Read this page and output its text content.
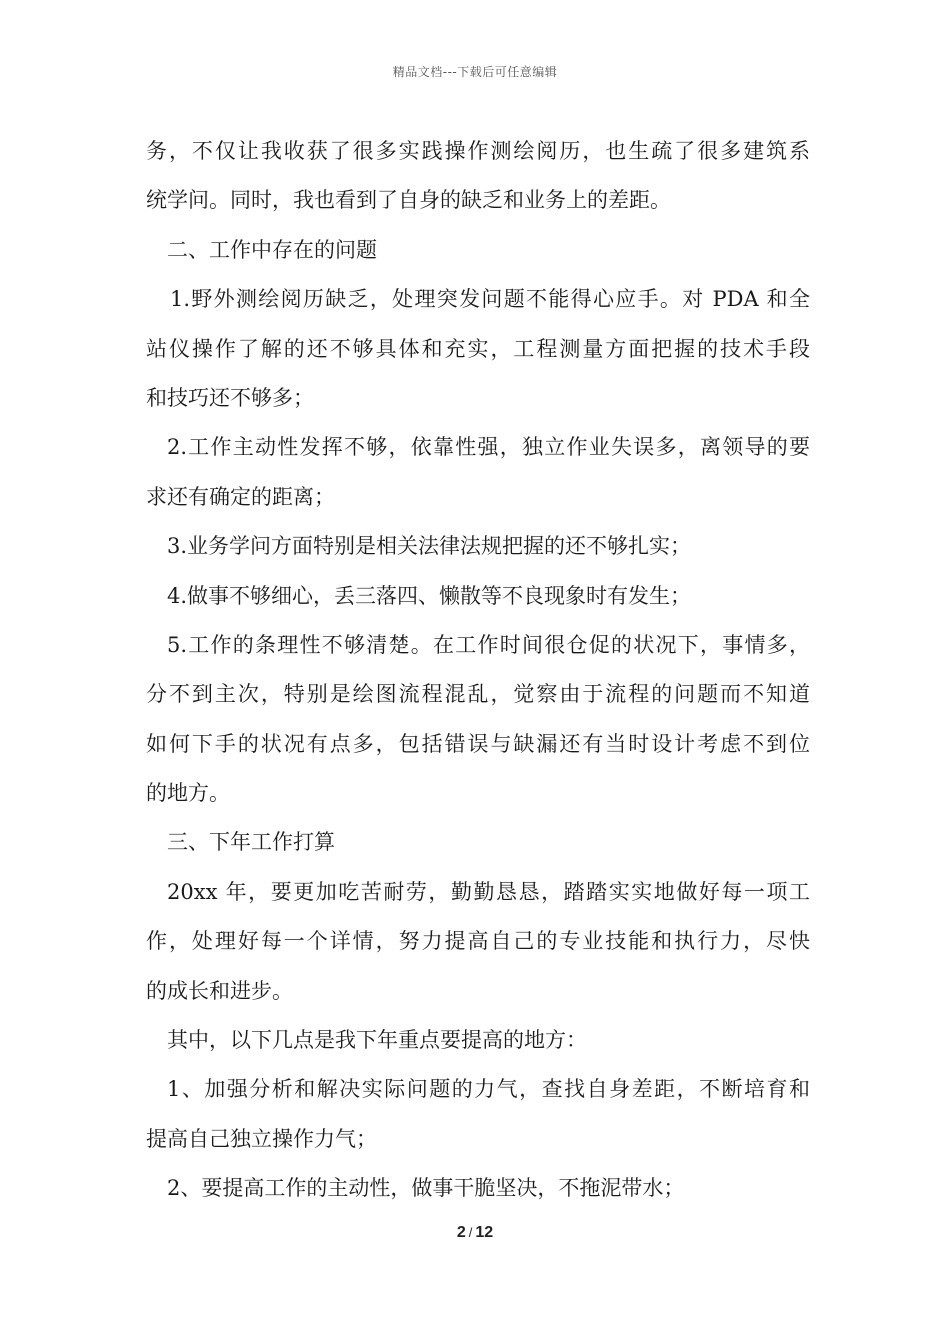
精品文档---下载后可任意编辑
务，不仅让我收获了很多实践操作测绘阅历，也生疏了很多建筑系
统学问。同时，我也看到了自身的缺乏和业务上的差距。
二、工作中存在的问题
1.野外测绘阅历缺乏，处理突发问题不能得心应手。对 PDA 和全
站仪操作了解的还不够具体和充实，工程测量方面把握的技术手段
和技巧还不够多；
2.工作主动性发挥不够，依靠性强，独立作业失误多，离领导的要
求还有确定的距离；
3.业务学问方面特别是相关法律法规把握的还不够扎实；
4.做事不够细心，丢三落四、懒散等不良现象时有发生；
5.工作的条理性不够清楚。在工作时间很仓促的状况下，事情多，
分不到主次，特别是绘图流程混乱，觉察由于流程的问题而不知道
如何下手的状况有点多，包括错误与缺漏还有当时设计考虑不到位
的地方。
三、下年工作打算
20xx 年，要更加吃苦耐劳，勤勤恳恳，踏踏实实地做好每一项工
作，处理好每一个详情，努力提高自己的专业技能和执行力，尽快
的成长和进步。
其中，以下几点是我下年重点要提高的地方：
1、加强分析和解决实际问题的力气，查找自身差距，不断培育和
提高自己独立操作力气；
2、要提高工作的主动性，做事干脆坚决，不拖泥带水；
2 / 12
